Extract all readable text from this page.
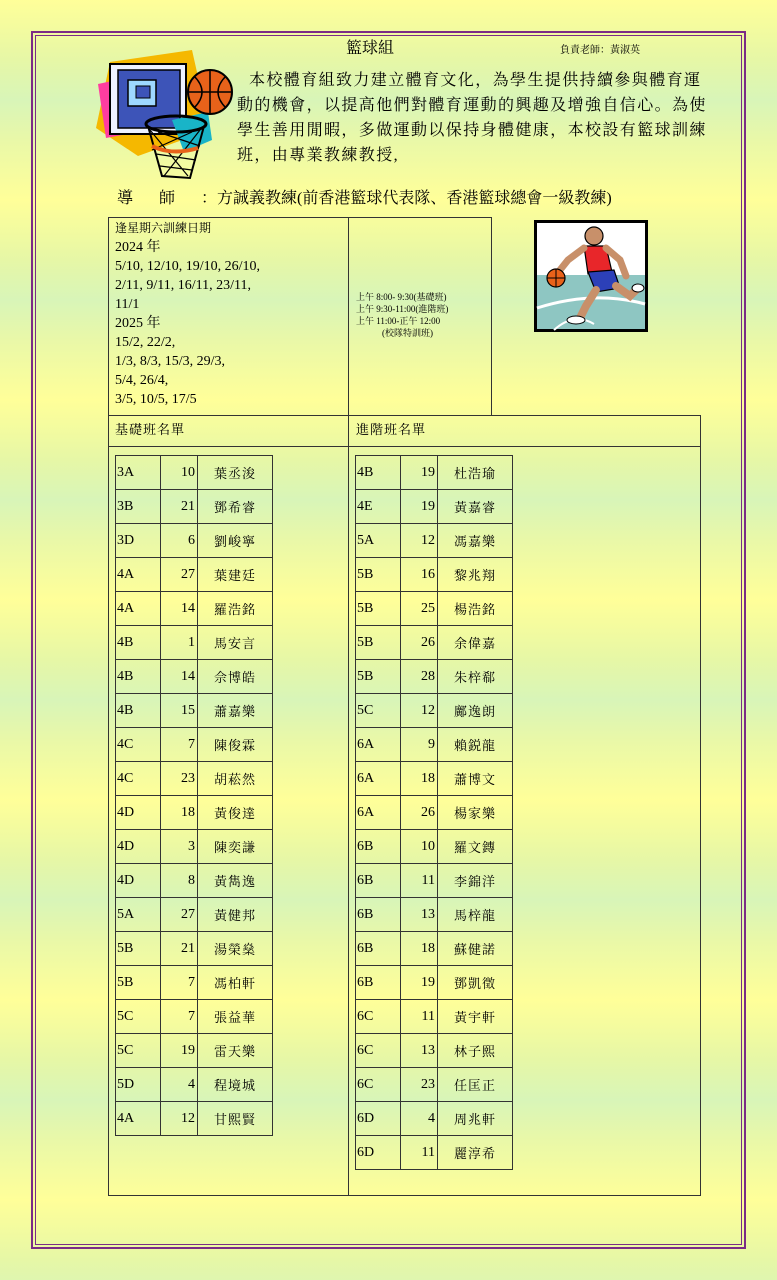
籃球組	負責老師：黃淑英
本校體育組致力建立體育文化，為學生提供持續參與體育運動的機會，以提高他們對體育運動的興趣及增強自信心。為使學生善用閒暇，多做運動以保持身體健康，本校設有籃球訓練班，由專業教練教授,
導師：方誠義教練(前香港籃球代表隊、香港籃球總會一級教練)
逢星期六訓練日期
2024 年
5/10, 12/10, 19/10, 26/10,
2/11, 9/11, 16/11, 23/11,
11/1
2025 年
15/2, 22/2,
1/3, 8/3, 15/3, 29/3,
5/4, 26/4,
3/5, 10/5, 17/5
上午 8:00- 9:30(基礎班)
上午 9:30-11:00(進階班)
上午 11:00-正午 12:00
(校隊特訓班)
基礎班名單	進階班名單
3A	10	葉丞浚
3B	21	鄧希睿
3D	6	劉峻寧
4A	27	葉建廷
4A	14	羅浩銘
4B	1	馬安言
4B	14	佘博皓
4B	15	蕭嘉樂
4C	7	陳俊霖
4C	23	胡菘然
4D	18	黃俊達
4D	3	陳奕謙
4D	8	黃雋逸
5A	27	黃健邦
5B	21	湯榮燊
5B	7	馮柏軒
5C	7	張益華
5C	19	雷天樂
5D	4	程境城
4A	12	甘熙賢
4B	19	杜浩瑜
4E	19	黃嘉睿
5A	12	馮嘉樂
5B	16	黎兆翔
5B	25	楊浩銘
5B	26	余偉嘉
5B	28	朱梓郗
5C	12	鄺逸朗
6A	9	賴鋭龍
6A	18	蕭博文
6A	26	楊家樂
6B	10	羅文鏄
6B	11	李錦洋
6B	13	馬梓龍
6B	18	蘇健諾
6B	19	鄧凱徵
6C	11	黃宇軒
6C	13	林子熙
6C	23	任匡正
6D	4	周兆軒
6D	11	麗淳希
